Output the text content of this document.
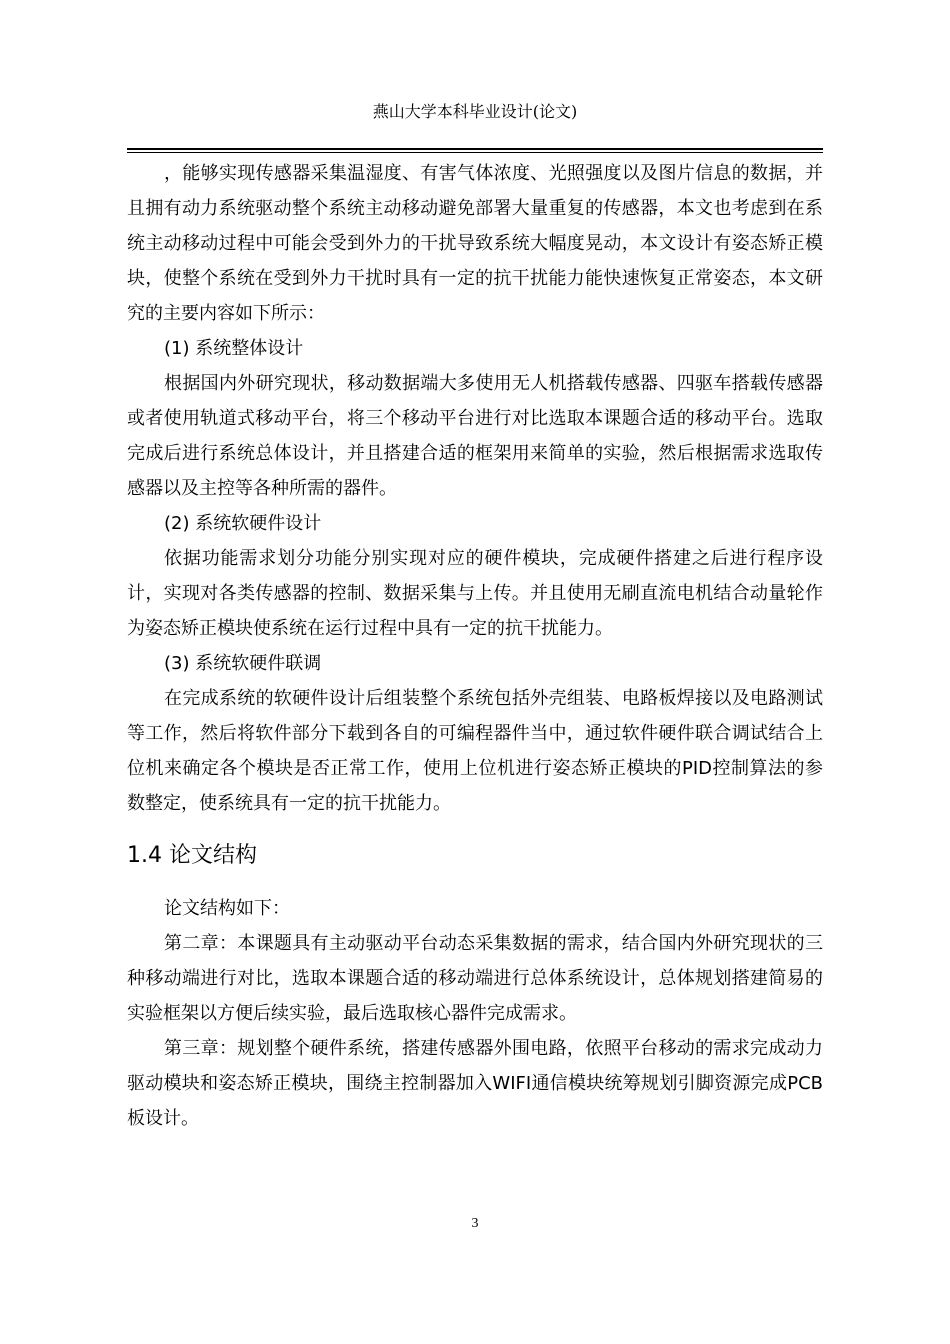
燕山大学本科毕业设计(论文)

，能够实现传感器采集温湿度、有害气体浓度、光照强度以及图片信息的数据，并且拥有动力系统驱动整个系统主动移动避免部署大量重复的传感器，本文也考虑到在系统主动移动过程中可能会受到外力的干扰导致系统大幅度晃动，本文设计有姿态矫正模块，使整个系统在受到外力干扰时具有一定的抗干扰能力能快速恢复正常姿态，本文研究的主要内容如下所示：

(1) 系统整体设计

根据国内外研究现状，移动数据端大多使用无人机搭载传感器、四驱车搭载传感器或者使用轨道式移动平台，将三个移动平台进行对比选取本课题合适的移动平台。选取完成后进行系统总体设计，并且搭建合适的框架用来简单的实验，然后根据需求选取传感器以及主控等各种所需的器件。

(2) 系统软硬件设计

依据功能需求划分功能分别实现对应的硬件模块，完成硬件搭建之后进行程序设计，实现对各类传感器的控制、数据采集与上传。并且使用无刷直流电机结合动量轮作为姿态矫正模块使系统在运行过程中具有一定的抗干扰能力。

(3) 系统软硬件联调

在完成系统的软硬件设计后组装整个系统包括外壳组装、电路板焊接以及电路测试等工作，然后将软件部分下载到各自的可编程器件当中，通过软件硬件联合调试结合上位机来确定各个模块是否正常工作，使用上位机进行姿态矫正模块的PID控制算法的参数整定，使系统具有一定的抗干扰能力。

1.4 论文结构

论文结构如下：

第二章：本课题具有主动驱动平台动态采集数据的需求，结合国内外研究现状的三种移动端进行对比，选取本课题合适的移动端进行总体系统设计，总体规划搭建简易的实验框架以方便后续实验，最后选取核心器件完成需求。

第三章：规划整个硬件系统，搭建传感器外围电路，依照平台移动的需求完成动力驱动模块和姿态矫正模块，围绕主控制器加入WIFI通信模块统筹规划引脚资源完成PCB板设计。

3
